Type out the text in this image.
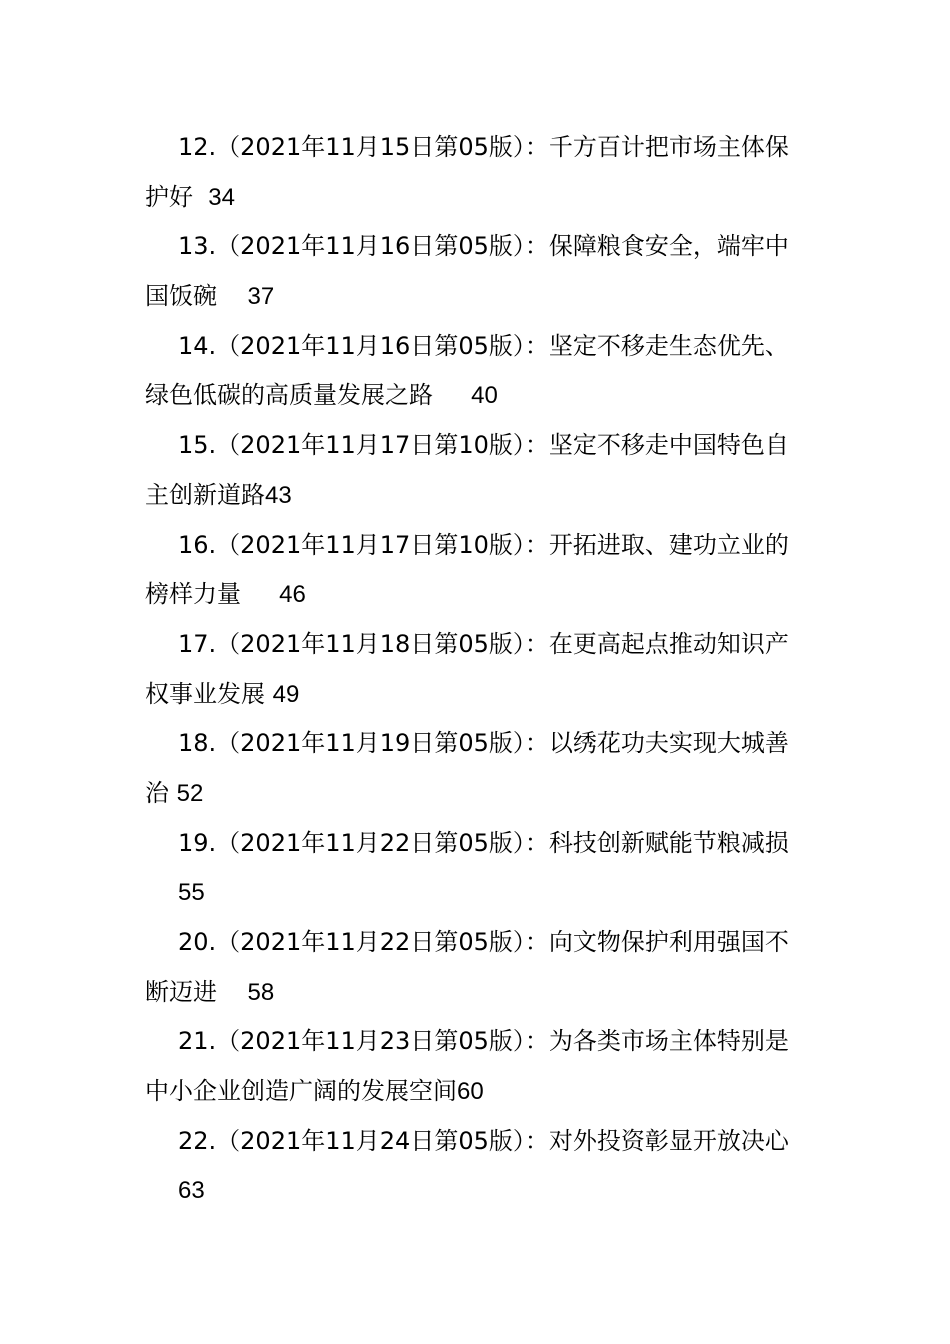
12.（2021年11月15日第05版）：千方百计把市场主体保
护好 34
13.（2021年11月16日第05版）：保障粮食安全，端牢中
国饭碗 37
14.（2021年11月16日第05版）：坚定不移走生态优先、
绿色低碳的高质量发展之路 40
15.（2021年11月17日第10版）：坚定不移走中国特色自
主创新道路43
16.（2021年11月17日第10版）：开拓进取、建功立业的
榜样力量 46
17.（2021年11月18日第05版）：在更高起点推动知识产
权事业发展 49
18.（2021年11月19日第05版）：以绣花功夫实现大城善
治 52
19.（2021年11月22日第05版）：科技创新赋能节粮减损
55
20.（2021年11月22日第05版）：向文物保护利用强国不
断迈进 58
21.（2021年11月23日第05版）：为各类市场主体特别是
中小企业创造广阔的发展空间60
22.（2021年11月24日第05版）：对外投资彰显开放决心
63
